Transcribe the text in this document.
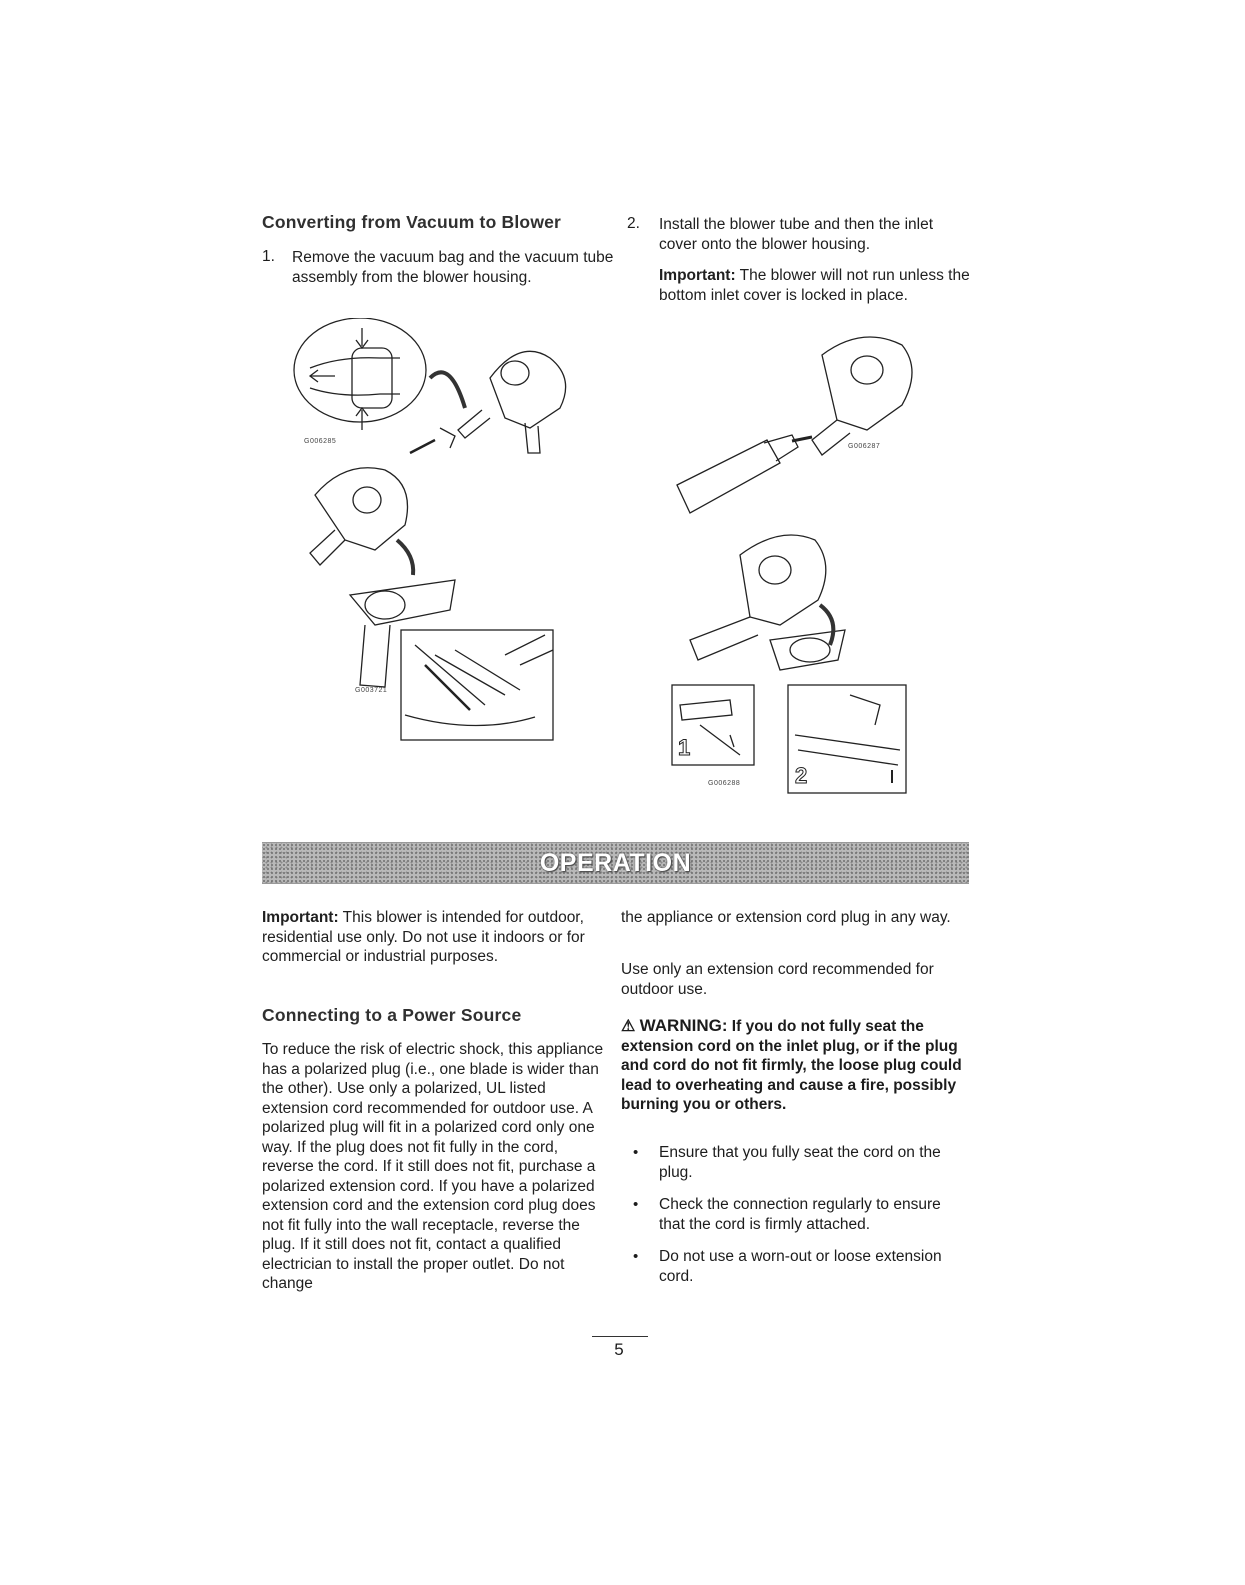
Converting from Vacuum to Blower
1. Remove the vacuum bag and the vacuum tube assembly from the blower housing.
2. Install the blower tube and then the inlet cover onto the blower housing.
Important: The blower will not run unless the bottom inlet cover is locked in place.
G006285
G003721
G006287
1
2
G006288
OPERATION
Important: This blower is intended for outdoor, residential use only. Do not use it indoors or for commercial or industrial purposes.
Connecting to a Power Source
To reduce the risk of electric shock, this appliance has a polarized plug (i.e., one blade is wider than the other). Use only a polarized, UL listed extension cord recommended for outdoor use. A polarized plug will fit in a polarized cord only one way. If the plug does not fit fully in the cord, reverse the cord. If it still does not fit, purchase a polarized extension cord. If you have a polarized extension cord and the extension cord plug does not fit fully into the wall receptacle, reverse the plug. If it still does not fit, contact a qualified electrician to install the proper outlet. Do not change
the appliance or extension cord plug in any way.
Use only an extension cord recommended for outdoor use.
⚠ WARNING: If you do not fully seat the extension cord on the inlet plug, or if the plug and cord do not fit firmly, the loose plug could lead to overheating and cause a fire, possibly burning you or others.
• Ensure that you fully seat the cord on the plug.
• Check the connection regularly to ensure that the cord is firmly attached.
• Do not use a worn-out or loose extension cord.
5
